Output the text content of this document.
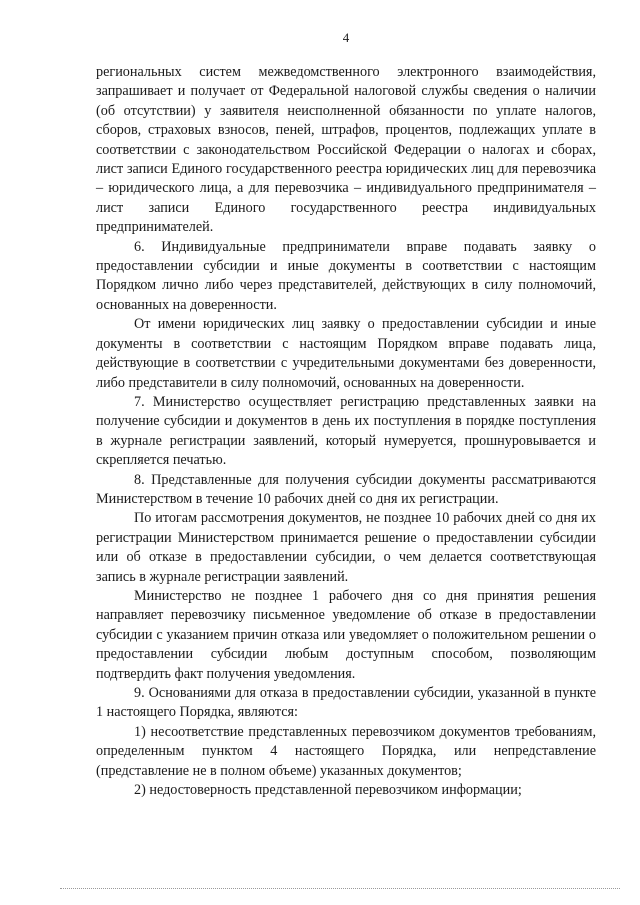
4

региональных систем межведомственного электронного взаимодействия, запрашивает и получает от Федеральной налоговой службы сведения о наличии (об отсутствии) у заявителя неисполненной обязанности по уплате налогов, сборов, страховых взносов, пеней, штрафов, процентов, подлежащих уплате в соответствии с законодательством Российской Федерации о налогах и сборах, лист записи Единого государственного реестра юридических лиц для перевозчика – юридического лица, а для перевозчика – индивидуального предпринимателя – лист записи Единого государственного реестра индивидуальных предпринимателей.

6. Индивидуальные предприниматели вправе подавать заявку о предоставлении субсидии и иные документы в соответствии с настоящим Порядком лично либо через представителей, действующих в силу полномочий, основанных на доверенности.

От имени юридических лиц заявку о предоставлении субсидии и иные документы в соответствии с настоящим Порядком вправе подавать лица, действующие в соответствии с учредительными документами без доверенности, либо представители в силу полномочий, основанных на доверенности.

7. Министерство осуществляет регистрацию представленных заявки на получение субсидии и документов в день их поступления в порядке поступления в журнале регистрации заявлений, который нумеруется, прошнуровывается и скрепляется печатью.

8. Представленные для получения субсидии документы рассматриваются Министерством в течение 10 рабочих дней со дня их регистрации.

По итогам рассмотрения документов, не позднее 10 рабочих дней со дня их регистрации Министерством принимается решение о предоставлении субсидии или об отказе в предоставлении субсидии, о чем делается соответствующая запись в журнале регистрации заявлений.

Министерство не позднее 1 рабочего дня со дня принятия решения направляет перевозчику письменное уведомление об отказе в предоставлении субсидии с указанием причин отказа или уведомляет о положительном решении о предоставлении субсидии любым доступным способом, позволяющим подтвердить факт получения уведомления.

9. Основаниями для отказа в предоставлении субсидии, указанной в пункте 1 настоящего Порядка, являются:

1) несоответствие представленных перевозчиком документов требованиям, определенным пунктом 4 настоящего Порядка, или непредставление (представление не в полном объеме) указанных документов;

2) недостоверность представленной перевозчиком информации;
